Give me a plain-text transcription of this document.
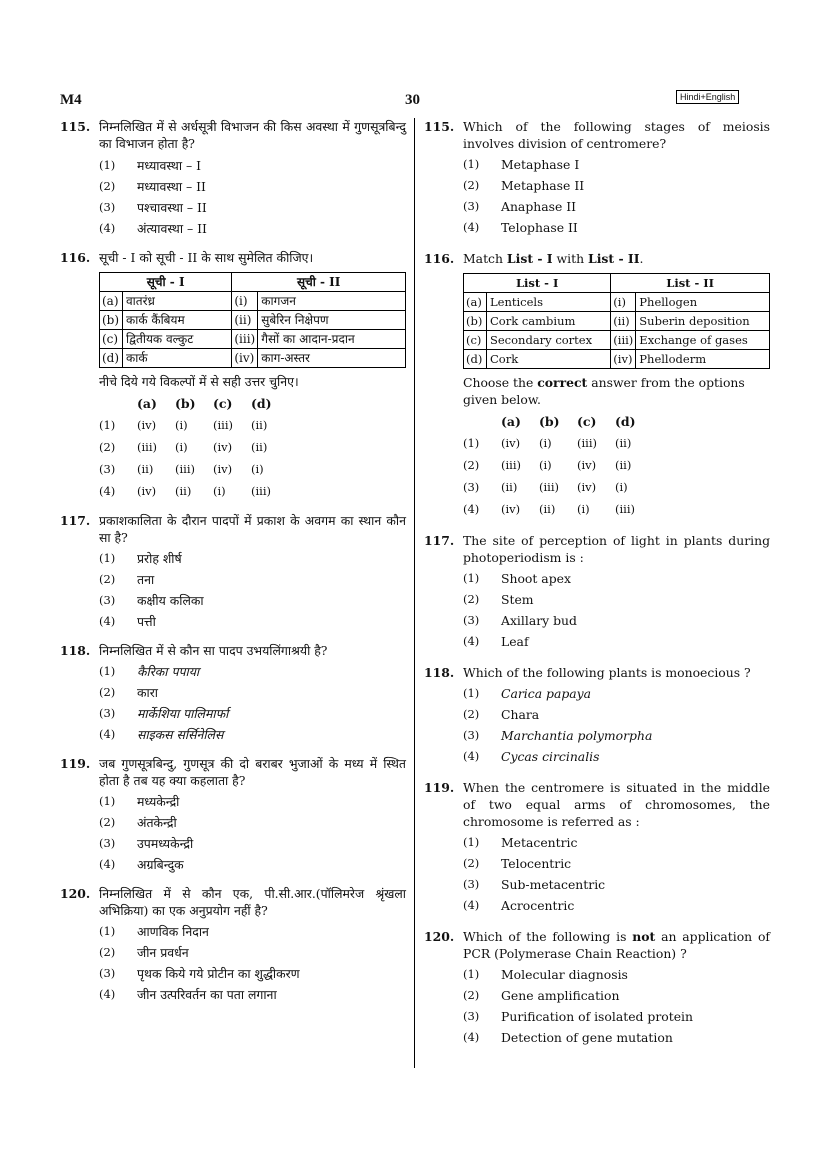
M4	30	Hindi+English
115. निम्नलिखित में से अर्धसूत्री विभाजन की किस अवस्था में गुणसूत्रबिन्दु का विभाजन होता है?
(1)	मध्यावस्था – I
(2)	मध्यावस्था – II
(3)	पश्चावस्था – II
(4)	अंत्यावस्था – II
116. सूची - I को सूची - II के साथ सुमेलित कीजिए।
सूची - I		सूची - II	
(a)	वातरंध्र	(i)	कागजन
(b)	कार्क कैंबियम	(ii)	सुबेरिन निक्षेपण
(c)	द्वितीयक वल्कुट	(iii)	गैसों का आदान-प्रदान
(d)	कार्क	(iv)	काग-अस्तर
नीचे दिये गये विकल्पों में से सही उत्तर चुनिए।
(a)	(b)	(c)	(d)
(1)	(iv)	(i)	(iii)	(ii)
(2)	(iii)	(i)	(iv)	(ii)
(3)	(ii)	(iii)	(iv)	(i)
(4)	(iv)	(ii)	(i)	(iii)
117. प्रकाशकालिता के दौरान पादपों में प्रकाश के अवगम का स्थान कौन सा है?
(1)	प्ररोह शीर्ष
(2)	तना
(3)	कक्षीय कलिका
(4)	पत्ती
118. निम्नलिखित में से कौन सा पादप उभयलिंगाश्रयी है?
(1)	कैरिका पपाया
(2)	कारा
(3)	मार्केशिया पालिमार्फा
(4)	साइकस सर्सिनेलिस
119. जब गुणसूत्रबिन्दु, गुणसूत्र की दो बराबर भुजाओं के मध्य में स्थित होता है तब यह क्या कहलाता है?
(1)	मध्यकेन्द्री
(2)	अंतकेन्द्री
(3)	उपमध्यकेन्द्री
(4)	अग्रबिन्दुक
120. निम्नलिखित में से कौन एक, पी.सी.आर.(पॉलिमरेज श्रृंखला अभिक्रिया) का एक अनुप्रयोग नहीं है?
(1)	आणविक निदान
(2)	जीन प्रवर्धन
(3)	पृथक किये गये प्रोटीन का शुद्धीकरण
(4)	जीन उत्परिवर्तन का पता लगाना
115. Which of the following stages of meiosis involves division of centromere?
(1)	Metaphase I
(2)	Metaphase II
(3)	Anaphase II
(4)	Telophase II
116. Match List - I with List - II.
List - I		List - II	
(a)	Lenticels	(i)	Phellogen
(b)	Cork cambium	(ii)	Suberin deposition
(c)	Secondary cortex	(iii)	Exchange of gases
(d)	Cork	(iv)	Phelloderm
Choose the correct answer from the options given below.
(a)	(b)	(c)	(d)
(1)	(iv)	(i)	(iii)	(ii)
(2)	(iii)	(i)	(iv)	(ii)
(3)	(ii)	(iii)	(iv)	(i)
(4)	(iv)	(ii)	(i)	(iii)
117. The site of perception of light in plants during photoperiodism is :
(1)	Shoot apex
(2)	Stem
(3)	Axillary bud
(4)	Leaf
118. Which of the following plants is monoecious ?
(1)	Carica papaya
(2)	Chara
(3)	Marchantia polymorpha
(4)	Cycas circinalis
119. When the centromere is situated in the middle of two equal arms of chromosomes, the chromosome is referred as :
(1)	Metacentric
(2)	Telocentric
(3)	Sub-metacentric
(4)	Acrocentric
120. Which of the following is not an application of PCR (Polymerase Chain Reaction) ?
(1)	Molecular diagnosis
(2)	Gene amplification
(3)	Purification of isolated protein
(4)	Detection of gene mutation
